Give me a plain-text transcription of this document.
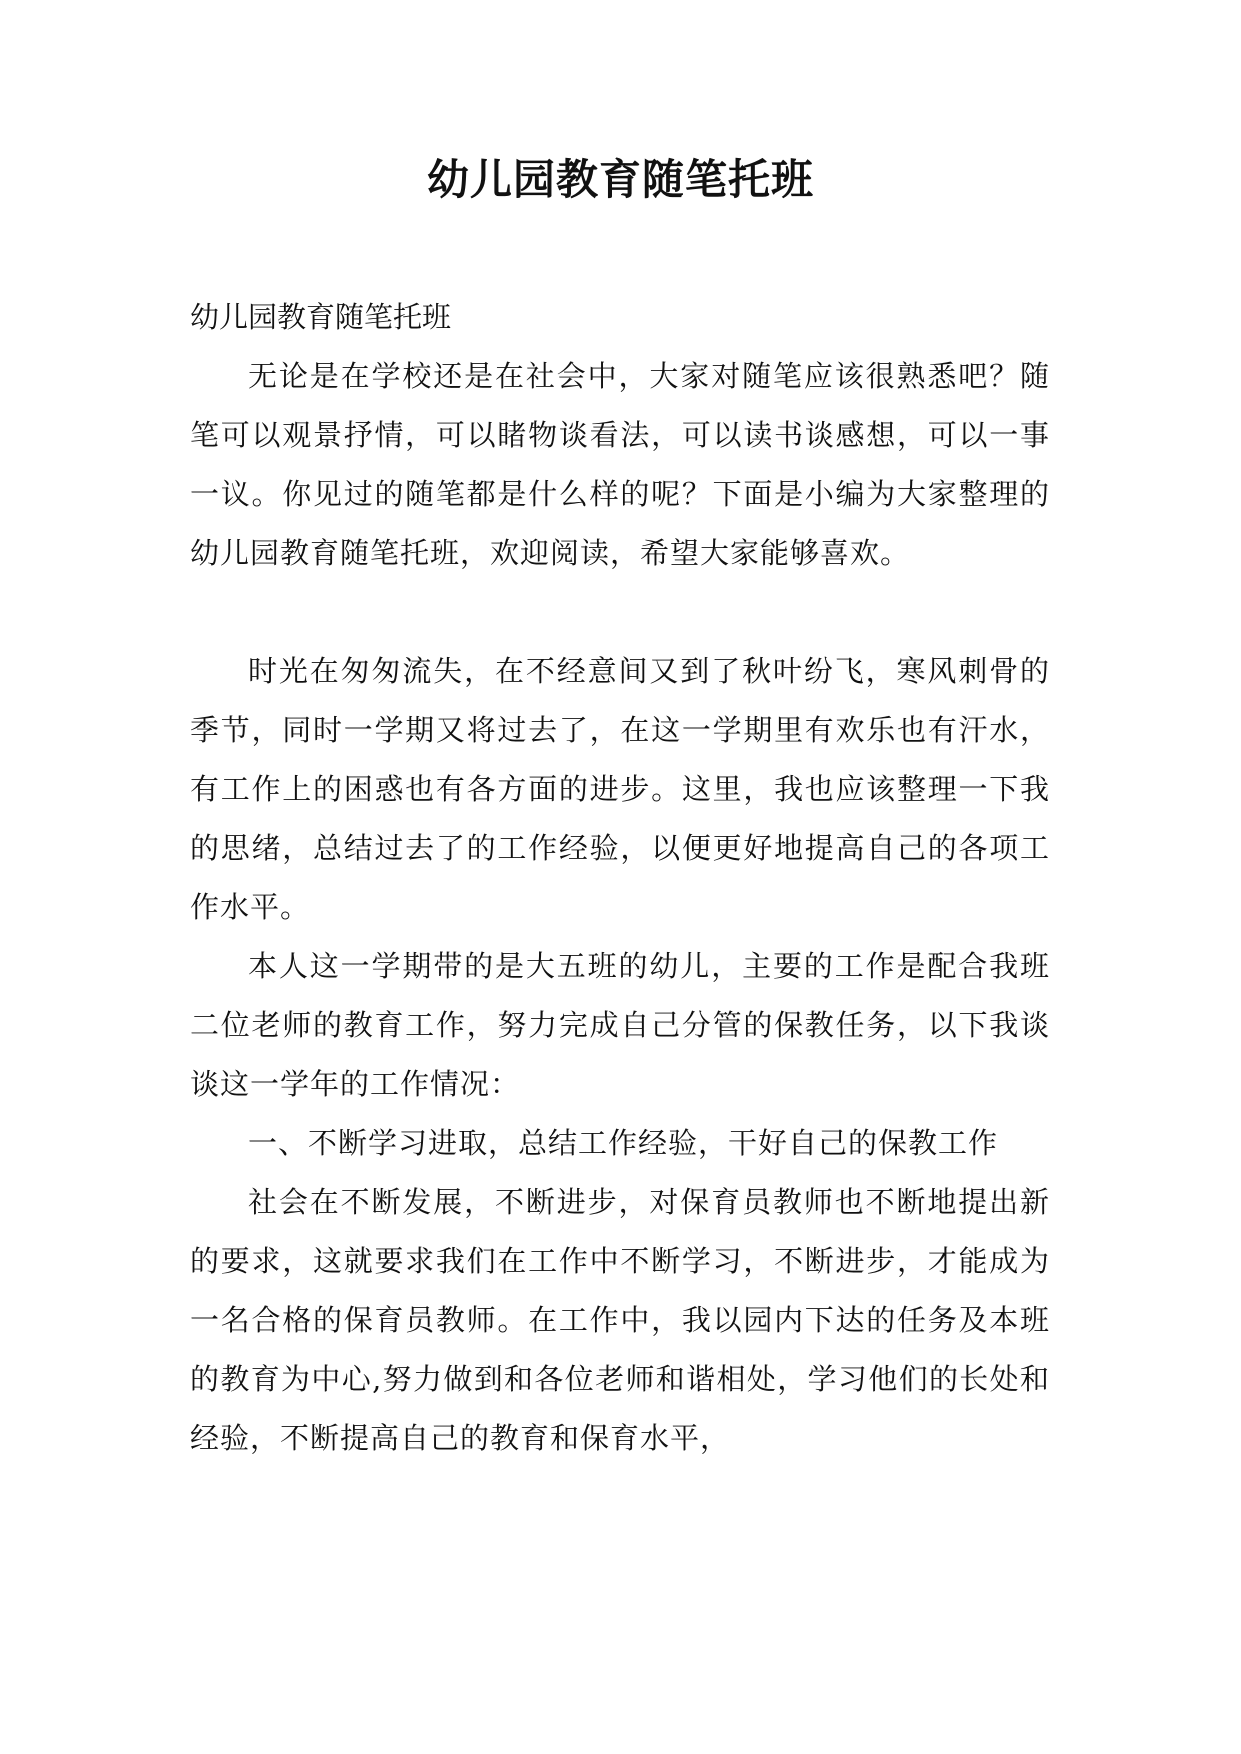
幼儿园教育随笔托班

幼儿园教育随笔托班

无论是在学校还是在社会中，大家对随笔应该很熟悉吧？随笔可以观景抒情，可以睹物谈看法，可以读书谈感想，可以一事一议。你见过的随笔都是什么样的呢？下面是小编为大家整理的幼儿园教育随笔托班，欢迎阅读，希望大家能够喜欢。

时光在匆匆流失，在不经意间又到了秋叶纷飞，寒风刺骨的季节，同时一学期又将过去了，在这一学期里有欢乐也有汗水，有工作上的困惑也有各方面的进步。这里，我也应该整理一下我的思绪，总结过去了的工作经验，以便更好地提高自己的各项工作水平。

本人这一学期带的是大五班的幼儿，主要的工作是配合我班二位老师的教育工作，努力完成自己分管的保教任务，以下我谈谈这一学年的工作情况：

一、不断学习进取，总结工作经验，干好自己的保教工作

社会在不断发展，不断进步，对保育员教师也不断地提出新的要求，这就要求我们在工作中不断学习，不断进步，才能成为一名合格的保育员教师。在工作中，我以园内下达的任务及本班的教育为中心,努力做到和各位老师和谐相处，学习他们的长处和经验，不断提高自己的教育和保育水平，
